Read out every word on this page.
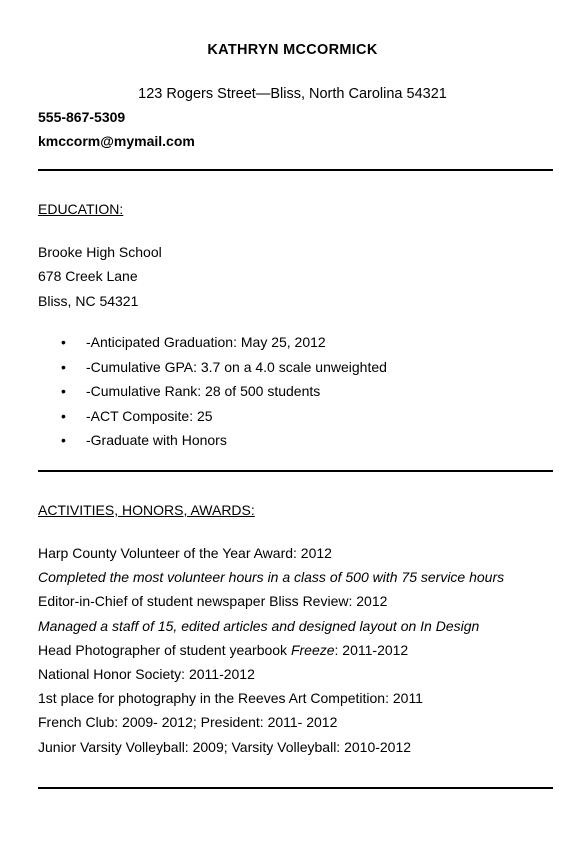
KATHRYN MCCORMICK
123 Rogers Street—Bliss, North Carolina 54321
555-867-5309
kmccorm@mymail.com
EDUCATION:
Brooke High School
678 Creek Lane
Bliss, NC 54321
• -Anticipated Graduation: May 25, 2012
• -Cumulative GPA: 3.7 on a 4.0 scale unweighted
• -Cumulative Rank: 28 of 500 students
• -ACT Composite: 25
• -Graduate with Honors
ACTIVITIES, HONORS, AWARDS:
Harp County Volunteer of the Year Award: 2012
Completed the most volunteer hours in a class of 500 with 75 service hours
Editor-in-Chief of student newspaper Bliss Review: 2012
Managed a staff of 15, edited articles and designed layout on In Design
Head Photographer of student yearbook Freeze: 2011-2012
National Honor Society: 2011-2012
1st place for photography in the Reeves Art Competition: 2011
French Club: 2009- 2012; President: 2011- 2012
Junior Varsity Volleyball: 2009; Varsity Volleyball: 2010-2012
